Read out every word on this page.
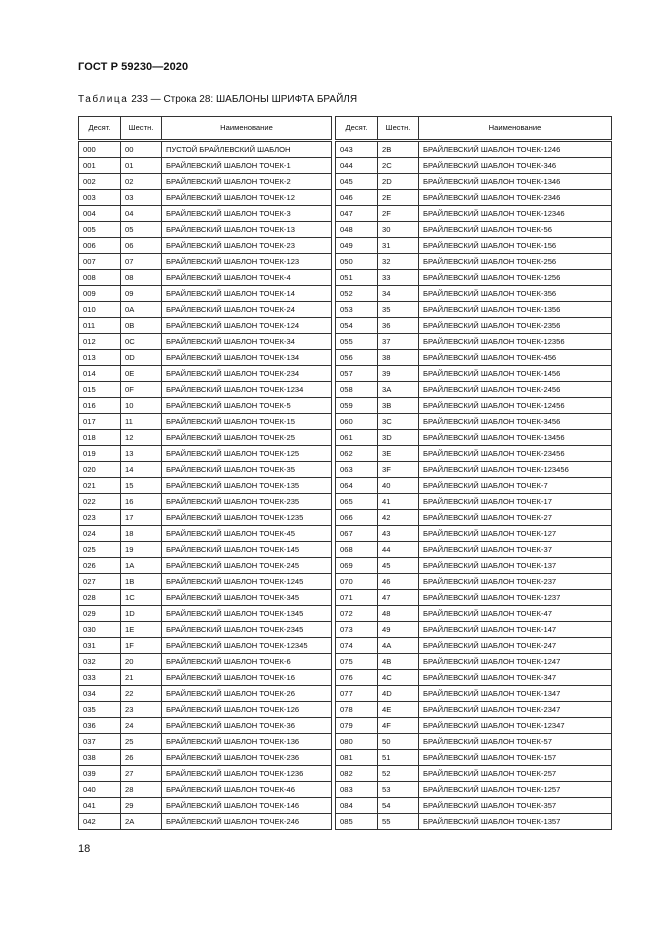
ГОСТ Р 59230—2020
Таблица 233 — Строка 28: ШАБЛОНЫ ШРИФТА БРАЙЛЯ
Десят.	Шестн.	Наименование
000	00	ПУСТОЙ БРАЙЛЕВСКИЙ ШАБЛОН
001	01	БРАЙЛЕВСКИЙ ШАБЛОН ТОЧЕК-1
002	02	БРАЙЛЕВСКИЙ ШАБЛОН ТОЧЕК-2
003	03	БРАЙЛЕВСКИЙ ШАБЛОН ТОЧЕК-12
004	04	БРАЙЛЕВСКИЙ ШАБЛОН ТОЧЕК-3
005	05	БРАЙЛЕВСКИЙ ШАБЛОН ТОЧЕК-13
006	06	БРАЙЛЕВСКИЙ ШАБЛОН ТОЧЕК-23
007	07	БРАЙЛЕВСКИЙ ШАБЛОН ТОЧЕК-123
008	08	БРАЙЛЕВСКИЙ ШАБЛОН ТОЧЕК-4
009	09	БРАЙЛЕВСКИЙ ШАБЛОН ТОЧЕК-14
010	0A	БРАЙЛЕВСКИЙ ШАБЛОН ТОЧЕК-24
011	0B	БРАЙЛЕВСКИЙ ШАБЛОН ТОЧЕК-124
012	0C	БРАЙЛЕВСКИЙ ШАБЛОН ТОЧЕК-34
013	0D	БРАЙЛЕВСКИЙ ШАБЛОН ТОЧЕК-134
014	0E	БРАЙЛЕВСКИЙ ШАБЛОН ТОЧЕК-234
015	0F	БРАЙЛЕВСКИЙ ШАБЛОН ТОЧЕК-1234
016	10	БРАЙЛЕВСКИЙ ШАБЛОН ТОЧЕК-5
017	11	БРАЙЛЕВСКИЙ ШАБЛОН ТОЧЕК-15
018	12	БРАЙЛЕВСКИЙ ШАБЛОН ТОЧЕК-25
019	13	БРАЙЛЕВСКИЙ ШАБЛОН ТОЧЕК-125
020	14	БРАЙЛЕВСКИЙ ШАБЛОН ТОЧЕК-35
021	15	БРАЙЛЕВСКИЙ ШАБЛОН ТОЧЕК-135
022	16	БРАЙЛЕВСКИЙ ШАБЛОН ТОЧЕК-235
023	17	БРАЙЛЕВСКИЙ ШАБЛОН ТОЧЕК-1235
024	18	БРАЙЛЕВСКИЙ ШАБЛОН ТОЧЕК-45
025	19	БРАЙЛЕВСКИЙ ШАБЛОН ТОЧЕК-145
026	1A	БРАЙЛЕВСКИЙ ШАБЛОН ТОЧЕК-245
027	1B	БРАЙЛЕВСКИЙ ШАБЛОН ТОЧЕК-1245
028	1C	БРАЙЛЕВСКИЙ ШАБЛОН ТОЧЕК-345
029	1D	БРАЙЛЕВСКИЙ ШАБЛОН ТОЧЕК-1345
030	1E	БРАЙЛЕВСКИЙ ШАБЛОН ТОЧЕК-2345
031	1F	БРАЙЛЕВСКИЙ ШАБЛОН ТОЧЕК-12345
032	20	БРАЙЛЕВСКИЙ ШАБЛОН ТОЧЕК-6
033	21	БРАЙЛЕВСКИЙ ШАБЛОН ТОЧЕК-16
034	22	БРАЙЛЕВСКИЙ ШАБЛОН ТОЧЕК-26
035	23	БРАЙЛЕВСКИЙ ШАБЛОН ТОЧЕК-126
036	24	БРАЙЛЕВСКИЙ ШАБЛОН ТОЧЕК-36
037	25	БРАЙЛЕВСКИЙ ШАБЛОН ТОЧЕК-136
038	26	БРАЙЛЕВСКИЙ ШАБЛОН ТОЧЕК-236
039	27	БРАЙЛЕВСКИЙ ШАБЛОН ТОЧЕК-1236
040	28	БРАЙЛЕВСКИЙ ШАБЛОН ТОЧЕК-46
041	29	БРАЙЛЕВСКИЙ ШАБЛОН ТОЧЕК-146
042	2A	БРАЙЛЕВСКИЙ ШАБЛОН ТОЧЕК-246
Десят.	Шестн.	Наименование
043	2B	БРАЙЛЕВСКИЙ ШАБЛОН ТОЧЕК-1246
044	2C	БРАЙЛЕВСКИЙ ШАБЛОН ТОЧЕК-346
045	2D	БРАЙЛЕВСКИЙ ШАБЛОН ТОЧЕК-1346
046	2E	БРАЙЛЕВСКИЙ ШАБЛОН ТОЧЕК-2346
047	2F	БРАЙЛЕВСКИЙ ШАБЛОН ТОЧЕК-12346
048	30	БРАЙЛЕВСКИЙ ШАБЛОН ТОЧЕК-56
049	31	БРАЙЛЕВСКИЙ ШАБЛОН ТОЧЕК-156
050	32	БРАЙЛЕВСКИЙ ШАБЛОН ТОЧЕК-256
051	33	БРАЙЛЕВСКИЙ ШАБЛОН ТОЧЕК-1256
052	34	БРАЙЛЕВСКИЙ ШАБЛОН ТОЧЕК-356
053	35	БРАЙЛЕВСКИЙ ШАБЛОН ТОЧЕК-1356
054	36	БРАЙЛЕВСКИЙ ШАБЛОН ТОЧЕК-2356
055	37	БРАЙЛЕВСКИЙ ШАБЛОН ТОЧЕК-12356
056	38	БРАЙЛЕВСКИЙ ШАБЛОН ТОЧЕК-456
057	39	БРАЙЛЕВСКИЙ ШАБЛОН ТОЧЕК-1456
058	3A	БРАЙЛЕВСКИЙ ШАБЛОН ТОЧЕК-2456
059	3B	БРАЙЛЕВСКИЙ ШАБЛОН ТОЧЕК-12456
060	3C	БРАЙЛЕВСКИЙ ШАБЛОН ТОЧЕК-3456
061	3D	БРАЙЛЕВСКИЙ ШАБЛОН ТОЧЕК-13456
062	3E	БРАЙЛЕВСКИЙ ШАБЛОН ТОЧЕК-23456
063	3F	БРАЙЛЕВСКИЙ ШАБЛОН ТОЧЕК-123456
064	40	БРАЙЛЕВСКИЙ ШАБЛОН ТОЧЕК-7
065	41	БРАЙЛЕВСКИЙ ШАБЛОН ТОЧЕК-17
066	42	БРАЙЛЕВСКИЙ ШАБЛОН ТОЧЕК-27
067	43	БРАЙЛЕВСКИЙ ШАБЛОН ТОЧЕК-127
068	44	БРАЙЛЕВСКИЙ ШАБЛОН ТОЧЕК-37
069	45	БРАЙЛЕВСКИЙ ШАБЛОН ТОЧЕК-137
070	46	БРАЙЛЕВСКИЙ ШАБЛОН ТОЧЕК-237
071	47	БРАЙЛЕВСКИЙ ШАБЛОН ТОЧЕК-1237
072	48	БРАЙЛЕВСКИЙ ШАБЛОН ТОЧЕК-47
073	49	БРАЙЛЕВСКИЙ ШАБЛОН ТОЧЕК-147
074	4A	БРАЙЛЕВСКИЙ ШАБЛОН ТОЧЕК-247
075	4B	БРАЙЛЕВСКИЙ ШАБЛОН ТОЧЕК-1247
076	4C	БРАЙЛЕВСКИЙ ШАБЛОН ТОЧЕК-347
077	4D	БРАЙЛЕВСКИЙ ШАБЛОН ТОЧЕК-1347
078	4E	БРАЙЛЕВСКИЙ ШАБЛОН ТОЧЕК-2347
079	4F	БРАЙЛЕВСКИЙ ШАБЛОН ТОЧЕК-12347
080	50	БРАЙЛЕВСКИЙ ШАБЛОН ТОЧЕК-57
081	51	БРАЙЛЕВСКИЙ ШАБЛОН ТОЧЕК-157
082	52	БРАЙЛЕВСКИЙ ШАБЛОН ТОЧЕК-257
083	53	БРАЙЛЕВСКИЙ ШАБЛОН ТОЧЕК-1257
084	54	БРАЙЛЕВСКИЙ ШАБЛОН ТОЧЕК-357
085	55	БРАЙЛЕВСКИЙ ШАБЛОН ТОЧЕК-1357
18
